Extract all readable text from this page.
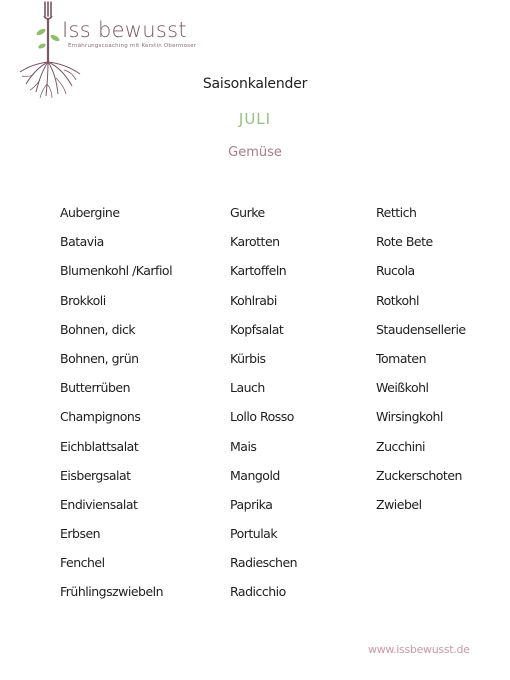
Iss bewusst
Ernährungscoaching mit Kerstin Obermoser
Saisonkalender
JULI
Gemüse
Aubergine
Batavia
Blumenkohl /Karfiol
Brokkoli
Bohnen, dick
Bohnen, grün
Butterrüben
Champignons
Eichblattsalat
Eisbergsalat
Endiviensalat
Erbsen
Fenchel
Frühlingszwiebeln
Gurke
Karotten
Kartoffeln
Kohlrabi
Kopfsalat
Kürbis
Lauch
Lollo Rosso
Mais
Mangold
Paprika
Portulak
Radieschen
Radicchio
Rettich
Rote Bete
Rucola
Rotkohl
Staudensellerie
Tomaten
Weißkohl
Wirsingkohl
Zucchini
Zuckerschoten
Zwiebel
www.issbewusst.de
